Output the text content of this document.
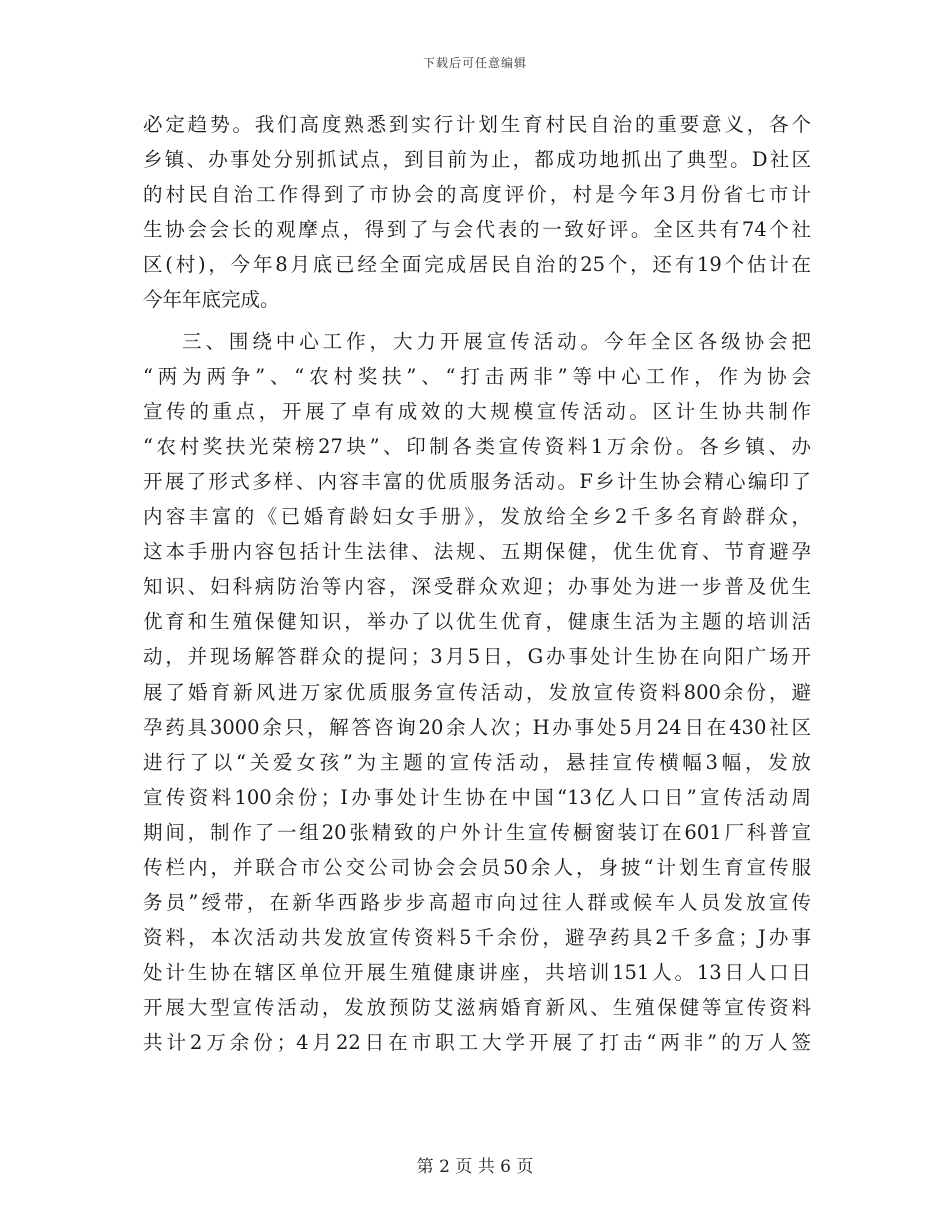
下载后可任意编辑
必定趋势。我们高度熟悉到实行计划生育村民自治的重要意义，各个
乡镇、办事处分别抓试点，到目前为止，都成功地抓出了典型。D社区
的村民自治工作得到了市协会的高度评价，村是今年3月份省七市计
生协会会长的观摩点，得到了与会代表的一致好评。全区共有74个社
区(村)，今年8月底已经全面完成居民自治的25个，还有19个估计在
今年年底完成。
三、围绕中心工作，大力开展宣传活动。今年全区各级协会把
“两为两争”、“农村奖扶”、“打击两非”等中心工作，作为协会
宣传的重点，开展了卓有成效的大规模宣传活动。区计生协共制作
“农村奖扶光荣榜27块”、印制各类宣传资料1万余份。各乡镇、办
开展了形式多样、内容丰富的优质服务活动。F乡计生协会精心编印了
内容丰富的《已婚育龄妇女手册》，发放给全乡2千多名育龄群众，
这本手册内容包括计生法律、法规、五期保健，优生优育、节育避孕
知识、妇科病防治等内容，深受群众欢迎；办事处为进一步普及优生
优育和生殖保健知识，举办了以优生优育，健康生活为主题的培训活
动，并现场解答群众的提问；3月5日，G办事处计生协在向阳广场开
展了婚育新风进万家优质服务宣传活动，发放宣传资料800余份，避
孕药具3000余只，解答咨询20余人次；H办事处5月24日在430社区
进行了以“关爱女孩”为主题的宣传活动，悬挂宣传横幅3幅，发放
宣传资料100余份；I办事处计生协在中国“13亿人口日”宣传活动周
期间，制作了一组20张精致的户外计生宣传橱窗装订在601厂科普宣
传栏内，并联合市公交公司协会会员50余人，身披“计划生育宣传服
务员”绶带，在新华西路步步高超市向过往人群或候车人员发放宣传
资料，本次活动共发放宣传资料5千余份，避孕药具2千多盒；J办事
处计生协在辖区单位开展生殖健康讲座，共培训151人。13日人口日
开展大型宣传活动，发放预防艾滋病婚育新风、生殖保健等宣传资料
共计2万余份；4月22日在市职工大学开展了打击“两非”的万人签
第 2 页 共 6 页
